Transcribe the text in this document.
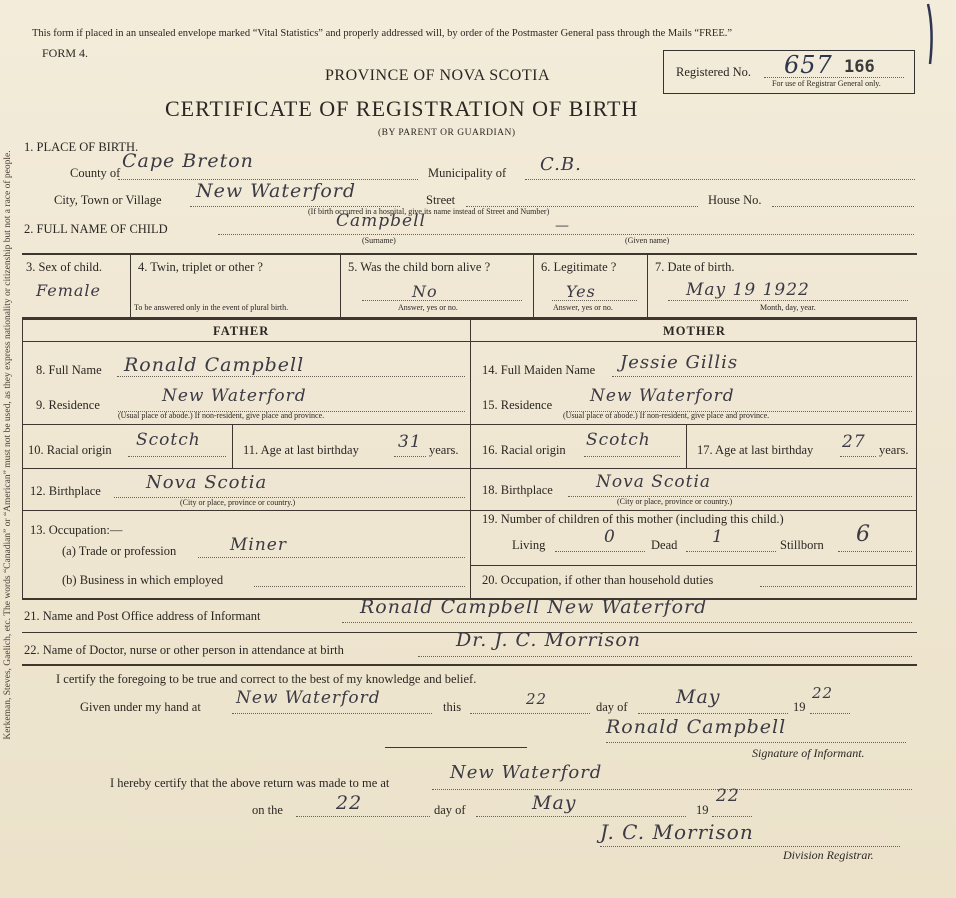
Kerkeman, Steves, Gaelich, etc. The words “Canadian” or “American” must not be used, as they express nationality or citizenship but not a race of people.
This form if placed in an unsealed envelope marked “Vital Statistics” and properly addressed will, by order of the Postmaster General pass through the Mails “FREE.”
FORM 4.
PROVINCE OF NOVA SCOTIA
CERTIFICATE OF REGISTRATION OF BIRTH
(BY PARENT OR GUARDIAN)
Registered No. 657 166
For use of Registrar General only.
1. PLACE OF BIRTH.
County of
Cape Breton
Municipality of C.B.
City, Town or Village New Waterford	Street	House No.
(If birth occurred in a hospital, give its name instead of Street and Number)
2. FULL NAME OF CHILD	Campbell	—
(Surname)	(Given name)
3. Sex of child.
Female
4. Twin, triplet or other ?
To be answered only in the event of plural birth.
5. Was the child born alive ?
No
Answer, yes or no.
6. Legitimate ?
Yes
Answer, yes or no.
7. Date of birth.
May 19 1922
Month, day, year.
FATHER	MOTHER
8. Full Name Ronald Campbell
9. Residence	New Waterford
(Usual place of abode.) If non-resident, give place and province.
10. Racial origin Scotch	11. Age at last birthday 31 years.
12. Birthplace	Nova Scotia
(City or place, province or country.)
13. Occupation:—
(a) Trade or profession	Miner
(b) Business in which employed
14. Full Maiden Name Jessie Gillis
15. Residence New Waterford
(Usual place of abode.) If non-resident, give place and province.
16. Racial origin Scotch	17. Age at last birthday 27 years.
18. Birthplace	Nova Scotia
(City or place, province or country.)
19. Number of children of this mother (including this child.)
Living	0	Dead 1	Stillborn 6
20. Occupation, if other than household duties
21. Name and Post Office address of Informant	Ronald Campbell New Waterford
22. Name of Doctor, nurse or other person in attendance at birth	Dr. J. C. Morrison
I certify the foregoing to be true and correct to the best of my knowledge and belief.
Given under my hand at New Waterford	this	22	day of	May	19
22
Ronald Campbell
Signature of Informant.
I hereby certify that the above return was made to me at	New Waterford
on the	22	day of	May	19
22
J. C. Morrison
Division Registrar.
